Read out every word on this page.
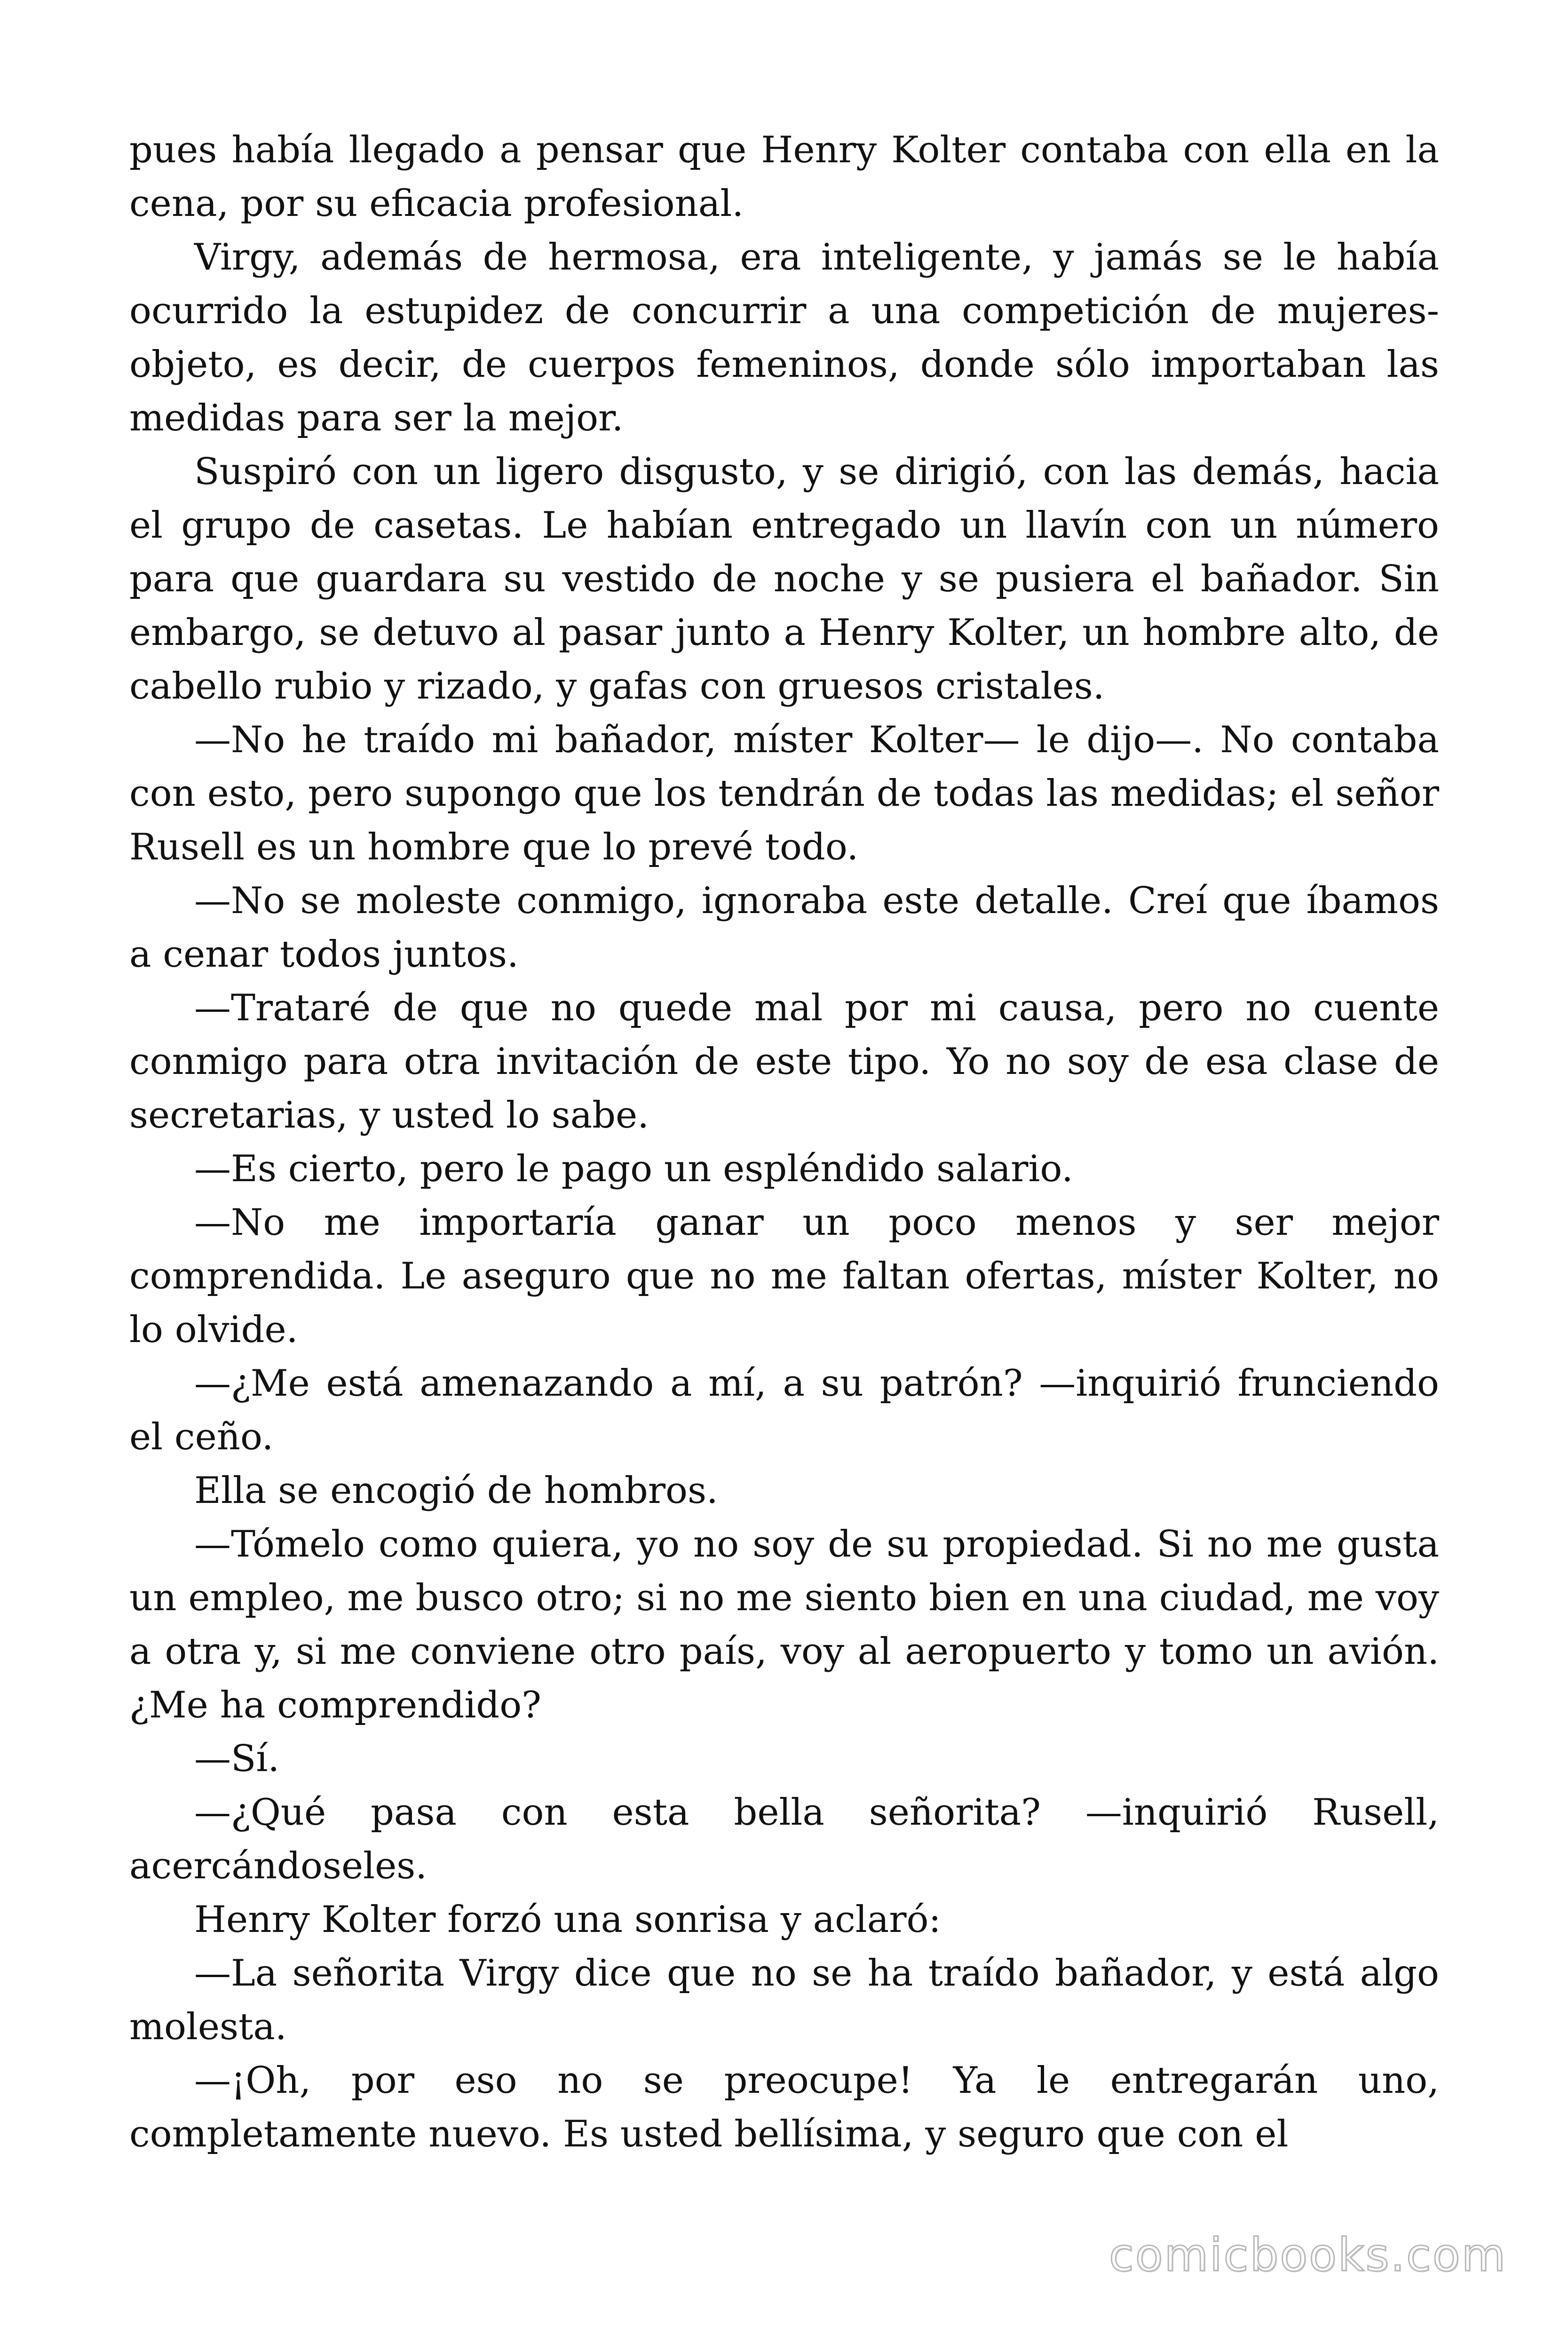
pues había llegado a pensar que Henry Kolter contaba con ella en la cena, por su eficacia profesional.

Virgy, además de hermosa, era inteligente, y jamás se le había ocurrido la estupidez de concurrir a una competición de mujeres-objeto, es decir, de cuerpos femeninos, donde sólo importaban las medidas para ser la mejor.

Suspiró con un ligero disgusto, y se dirigió, con las demás, hacia el grupo de casetas. Le habían entregado un llavín con un número para que guardara su vestido de noche y se pusiera el bañador. Sin embargo, se detuvo al pasar junto a Henry Kolter, un hombre alto, de cabello rubio y rizado, y gafas con gruesos cristales.

—No he traído mi bañador, míster Kolter— le dijo—. No contaba con esto, pero supongo que los tendrán de todas las medidas; el señor Rusell es un hombre que lo prevé todo.

—No se moleste conmigo, ignoraba este detalle. Creí que íbamos a cenar todos juntos.

—Trataré de que no quede mal por mi causa, pero no cuente conmigo para otra invitación de este tipo. Yo no soy de esa clase de secretarias, y usted lo sabe.

—Es cierto, pero le pago un espléndido salario.

—No me importaría ganar un poco menos y ser mejor comprendida. Le aseguro que no me faltan ofertas, míster Kolter, no lo olvide.

—¿Me está amenazando a mí, a su patrón? —inquirió frunciendo el ceño.

Ella se encogió de hombros.

—Tómelo como quiera, yo no soy de su propiedad. Si no me gusta un empleo, me busco otro; si no me siento bien en una ciudad, me voy a otra y, si me conviene otro país, voy al aeropuerto y tomo un avión. ¿Me ha comprendido?

—Sí.

—¿Qué pasa con esta bella señorita? —inquirió Rusell, acercándoseles.

Henry Kolter forzó una sonrisa y aclaró:

—La señorita Virgy dice que no se ha traído bañador, y está algo molesta.

—¡Oh, por eso no se preocupe! Ya le entregarán uno, completamente nuevo. Es usted bellísima, y seguro que con el

comicbooks.com
